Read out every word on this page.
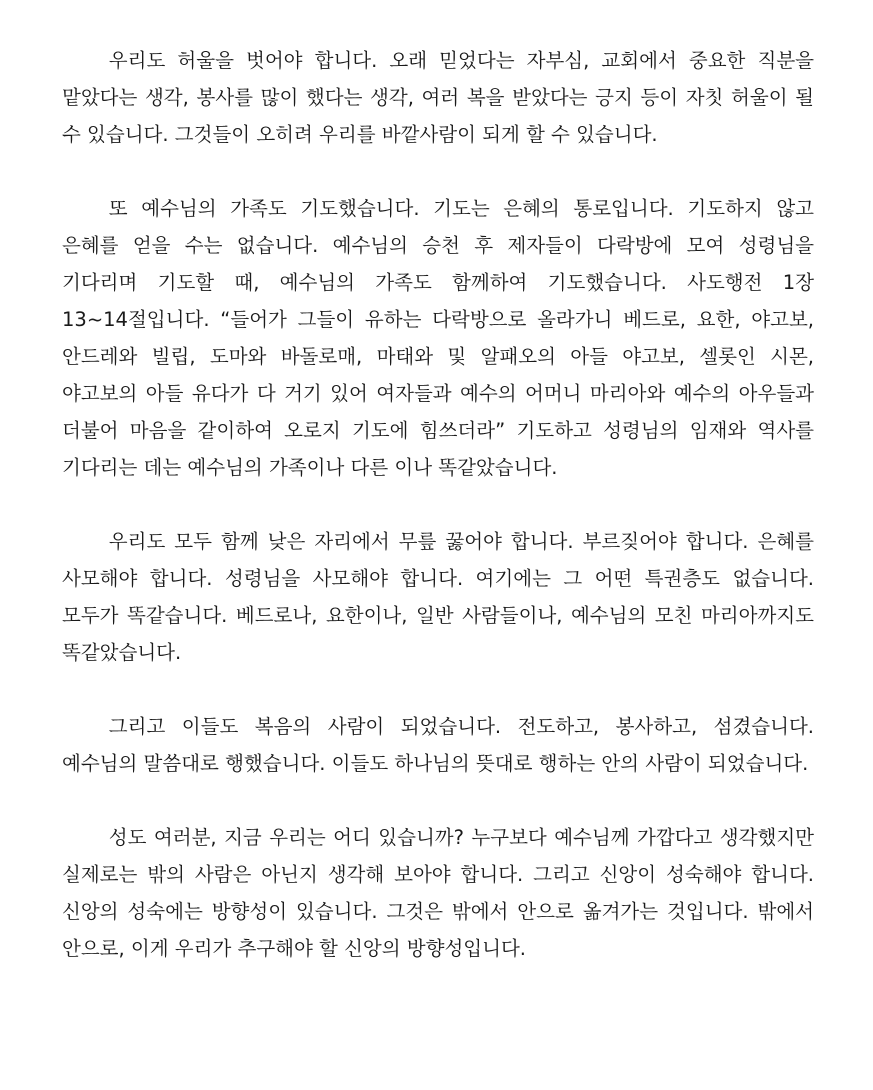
우리도 허울을 벗어야 합니다. 오래 믿었다는 자부심, 교회에서 중요한 직분을 맡았다는 생각, 봉사를 많이 했다는 생각, 여러 복을 받았다는 긍지 등이 자칫 허울이 될 수 있습니다. 그것들이 오히려 우리를 바깥사람이 되게 할 수 있습니다.

또 예수님의 가족도 기도했습니다. 기도는 은혜의 통로입니다. 기도하지 않고 은혜를 얻을 수는 없습니다. 예수님의 승천 후 제자들이 다락방에 모여 성령님을 기다리며 기도할 때, 예수님의 가족도 함께하여 기도했습니다. 사도행전 1장 13~14절입니다. “들어가 그들이 유하는 다락방으로 올라가니 베드로, 요한, 야고보, 안드레와 빌립, 도마와 바돌로매, 마태와 및 알패오의 아들 야고보, 셀롯인 시몬, 야고보의 아들 유다가 다 거기 있어 여자들과 예수의 어머니 마리아와 예수의 아우들과 더불어 마음을 같이하여 오로지 기도에 힘쓰더라” 기도하고 성령님의 임재와 역사를 기다리는 데는 예수님의 가족이나 다른 이나 똑같았습니다.

우리도 모두 함께 낮은 자리에서 무릎 꿇어야 합니다. 부르짖어야 합니다. 은혜를 사모해야 합니다. 성령님을 사모해야 합니다. 여기에는 그 어떤 특권층도 없습니다. 모두가 똑같습니다. 베드로나, 요한이나, 일반 사람들이나, 예수님의 모친 마리아까지도 똑같았습니다.

그리고 이들도 복음의 사람이 되었습니다. 전도하고, 봉사하고, 섬겼습니다. 예수님의 말씀대로 행했습니다. 이들도 하나님의 뜻대로 행하는 안의 사람이 되었습니다.

성도 여러분, 지금 우리는 어디 있습니까? 누구보다 예수님께 가깝다고 생각했지만 실제로는 밖의 사람은 아닌지 생각해 보아야 합니다. 그리고 신앙이 성숙해야 합니다. 신앙의 성숙에는 방향성이 있습니다. 그것은 밖에서 안으로 옮겨가는 것입니다. 밖에서 안으로, 이게 우리가 추구해야 할 신앙의 방향성입니다.
